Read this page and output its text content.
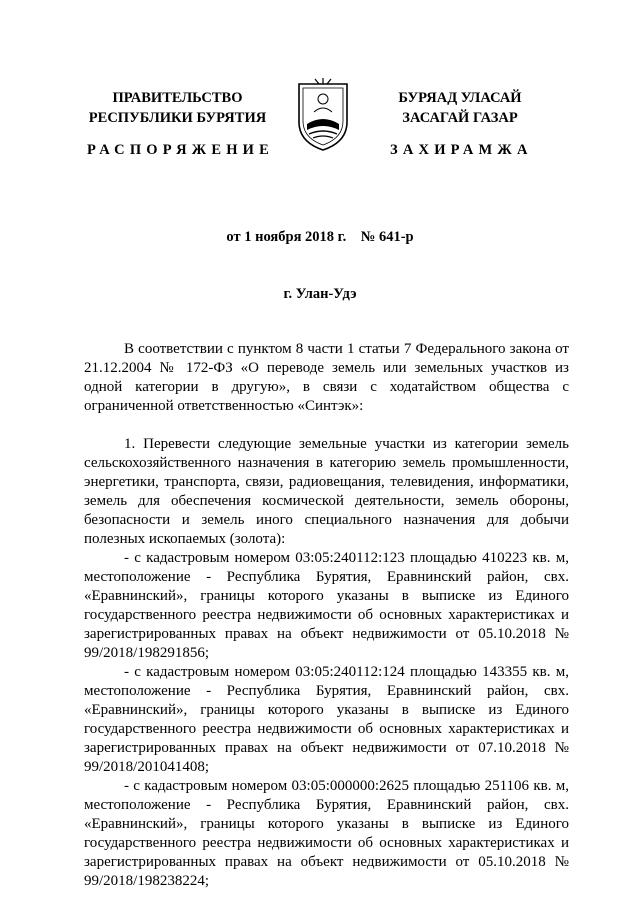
ПРАВИТЕЛЬСТВО
РЕСПУБЛИКИ БУРЯТИЯ
БУРЯАД УЛАСАЙ
ЗАСАГАЙ ГАЗАР
РАСПОРЯЖЕНИЕ	ЗАХИРАМЖА
от 1 ноября 2018 г.    № 641-р
г. Улан-Удэ

В соответствии с пунктом 8 части 1 статьи 7 Федерального закона от 21.12.2004 № 172-ФЗ «О переводе земель или земельных участков из одной категории в другую», в связи с ходатайством общества с ограниченной ответственностью «Синтэк»:

1. Перевести следующие земельные участки из категории земель сельскохозяйственного назначения в категорию земель промышленности, энергетики, транспорта, связи, радиовещания, телевидения, информатики, земель для обеспечения космической деятельности, земель обороны, безопасности и земель иного специального назначения для добычи полезных ископаемых (золота):

- с кадастровым номером 03:05:240112:123 площадью 410223 кв. м, местоположение - Республика Бурятия, Еравнинский район, свх. «Еравнинский», границы которого указаны в выписке из Единого государственного реестра недвижимости об основных характеристиках и зарегистрированных правах на объект недвижимости от 05.10.2018 № 99/2018/198291856;

- с кадастровым номером 03:05:240112:124 площадью 143355 кв. м, местоположение - Республика Бурятия, Еравнинский район, свх. «Еравнинский», границы которого указаны в выписке из Единого государственного реестра недвижимости об основных характеристиках и зарегистрированных правах на объект недвижимости от 07.10.2018 № 99/2018/201041408;

- с кадастровым номером 03:05:000000:2625 площадью 251106 кв. м, местоположение - Республика Бурятия, Еравнинский район, свх. «Еравнинский», границы которого указаны в выписке из Единого государственного реестра недвижимости об основных характеристиках и зарегистрированных правах на объект недвижимости от 05.10.2018 № 99/2018/198238224;
